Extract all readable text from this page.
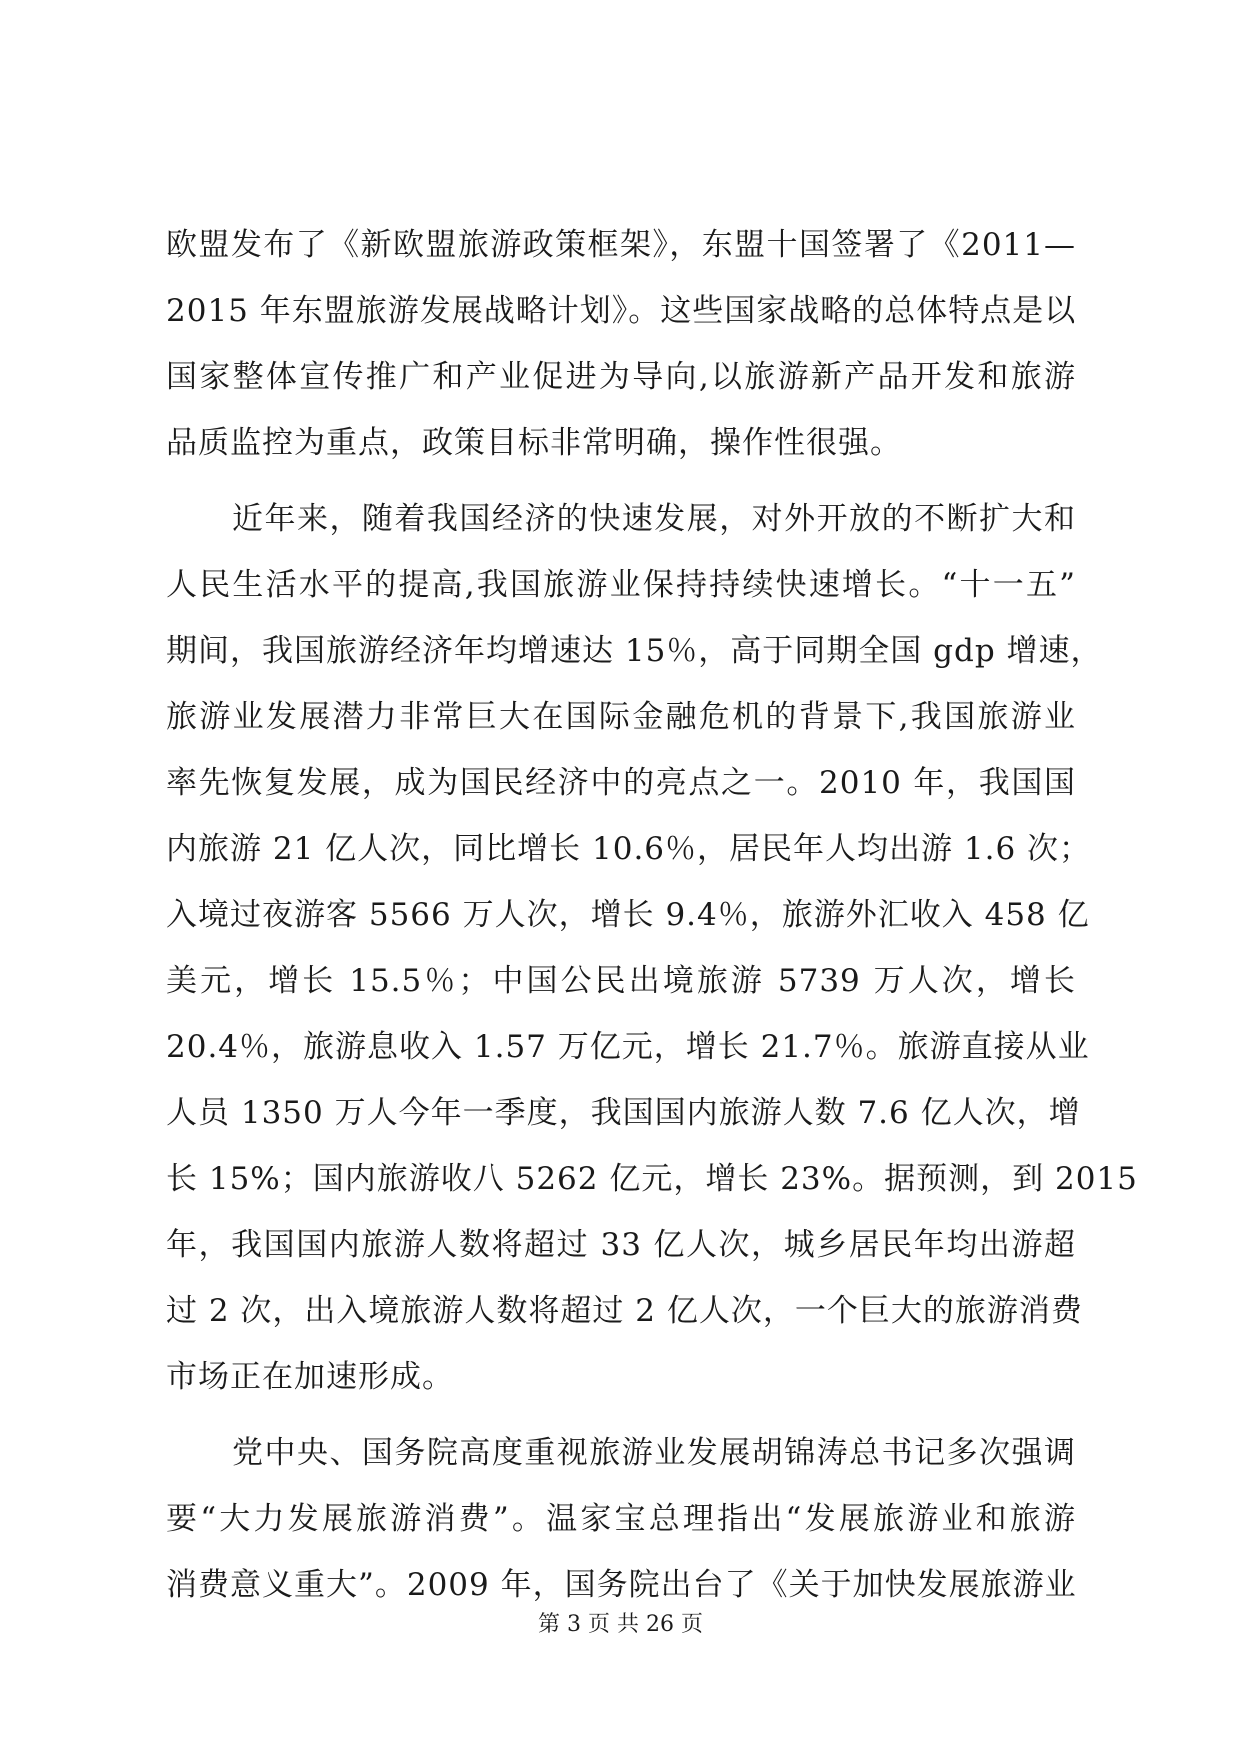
欧盟发布了《新欧盟旅游政策框架》，东盟十国签署了《2011—
2015 年东盟旅游发展战略计划》。这些国家战略的总体特点是以
国家整体宣传推广和产业促进为导向,以旅游新产品开发和旅游
品质监控为重点，政策目标非常明确，操作性很强。
近年来，随着我国经济的快速发展，对外开放的不断扩大和
人民生活水平的提高,我国旅游业保持持续快速增长。“十一五”
期间，我国旅游经济年均增速达 15％，高于同期全国 gdp 增速，
旅游业发展潜力非常巨大在国际金融危机的背景下,我国旅游业
率先恢复发展，成为国民经济中的亮点之一。2010 年，我国国
内旅游 21 亿人次，同比增长 10.6％，居民年人均出游 1.6 次；
入境过夜游客 5566 万人次，增长 9.4％，旅游外汇收入 458 亿
美元，增长 15.5％；中国公民出境旅游 5739 万人次，增长
20.4％，旅游息收入 1.57 万亿元，增长 21.7％。旅游直接从业
人员 1350 万人今年一季度，我国国内旅游人数 7.6 亿人次，增
长 15%；国内旅游收八 5262 亿元，增长 23%。据预测，到 2015
年，我国国内旅游人数将超过 33 亿人次，城乡居民年均出游超
过 2 次，出入境旅游人数将超过 2 亿人次，一个巨大的旅游消费
市场正在加速形成。
党中央、国务院高度重视旅游业发展胡锦涛总书记多次强调
要“大力发展旅游消费”。温家宝总理指出“发展旅游业和旅游
消费意义重大”。2009 年，国务院出台了《关于加快发展旅游业
第 3 页 共 26 页
